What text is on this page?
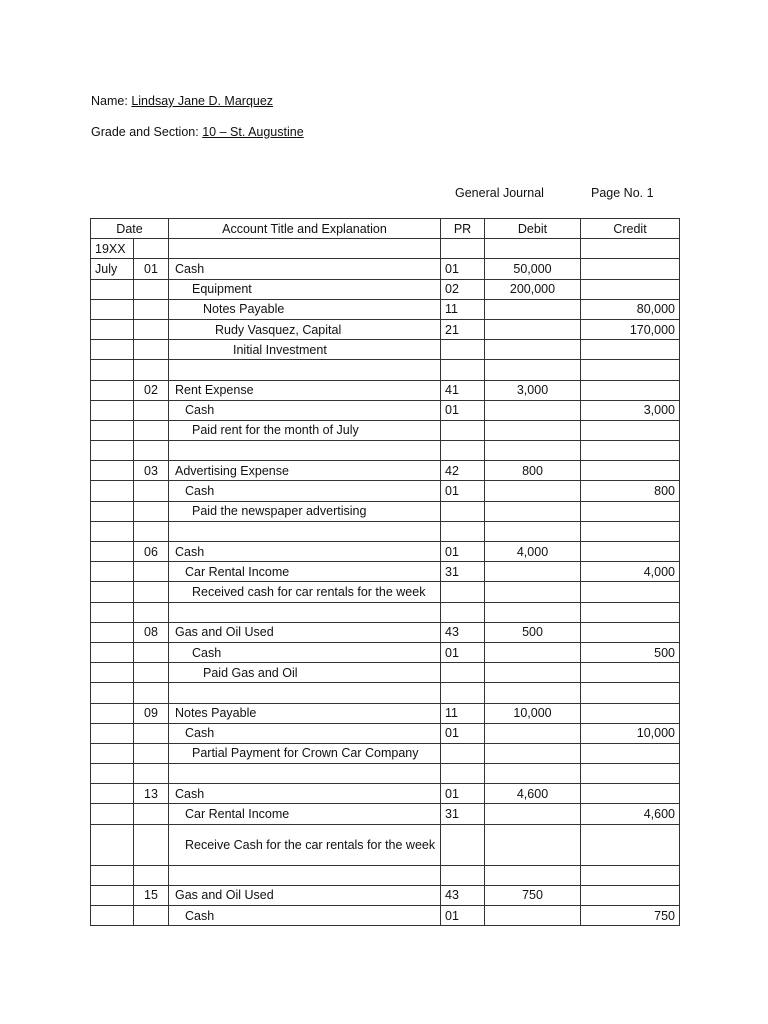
Name: Lindsay Jane D. Marquez
Grade and Section: 10 – St. Augustine
General Journal	Page No. 1
Date		Account Title and Explanation	PR	Debit	Credit
19XX					
July	01	Cash	01	50,000	
		Equipment	02	200,000	
		Notes Payable	11		80,000
		Rudy Vasquez, Capital	21		170,000
		Initial Investment			

	02	Rent Expense	41	3,000	
		Cash	01		3,000
		Paid rent for the month of July			

	03	Advertising Expense	42	800	
		Cash	01		800
		Paid the newspaper advertising			

	06	Cash	01	4,000	
		Car Rental Income	31		4,000
		Received cash for car rentals for the week			

	08	Gas and Oil Used	43	500	
		Cash	01		500
		Paid Gas and Oil			

	09	Notes Payable	11	10,000	
		Cash	01		10,000
		Partial Payment for Crown Car Company			

	13	Cash	01	4,600	
		Car Rental Income	31		4,600
		Receive Cash for the car rentals for the week			

	15	Gas and Oil Used	43	750	
		Cash	01		750
